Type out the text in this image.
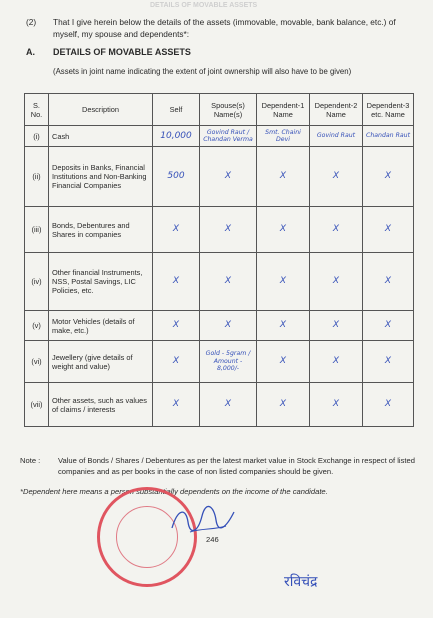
DETAILS OF MOVABLE ASSETS
(2) That I give herein below the details of the assets (immovable, movable, bank balance, etc.) of
myself, my spouse and dependents*:
A. DETAILS OF MOVABLE ASSETS
(Assets in joint name indicating the extent of joint ownership will also have to be given)
S. No.	Description	Self	Spouse(s) Name(s)	Dependent-1 Name	Dependent-2 Name	Dependent-3 etc. Name
(i)	Cash	10,000	Govind Raut / Chandan Verma	Smt. Chaini Devi	Govind Raut	Chandan Raut
(ii)	Deposits in Banks, Financial Institutions and Non-Banking Financial Companies	500	X	X	X	X
(iii)	Bonds, Debentures and Shares in companies	X	X	X	X	X
(iv)	Other financial Instruments, NSS, Postal Savings, LIC Policies, etc.	X	X	X	X	X
(v)	Motor Vehicles (details of make, etc.)	X	X	X	X	X
(vi)	Jewellery (give details of weight and value)	X	Gold - 5gram / Amount - 8,000/-	X	X	X
(vii)	Other assets, such as values of claims / interests	X	X	X	X	X
Note : Value of Bonds / Shares / Debentures as per the latest market value in Stock Exchange in respect of listed companies and as per books in the case of non listed companies should be given.
*Dependent here means a person substantially dependents on the income of the candidate.
246
रविचंद्र
